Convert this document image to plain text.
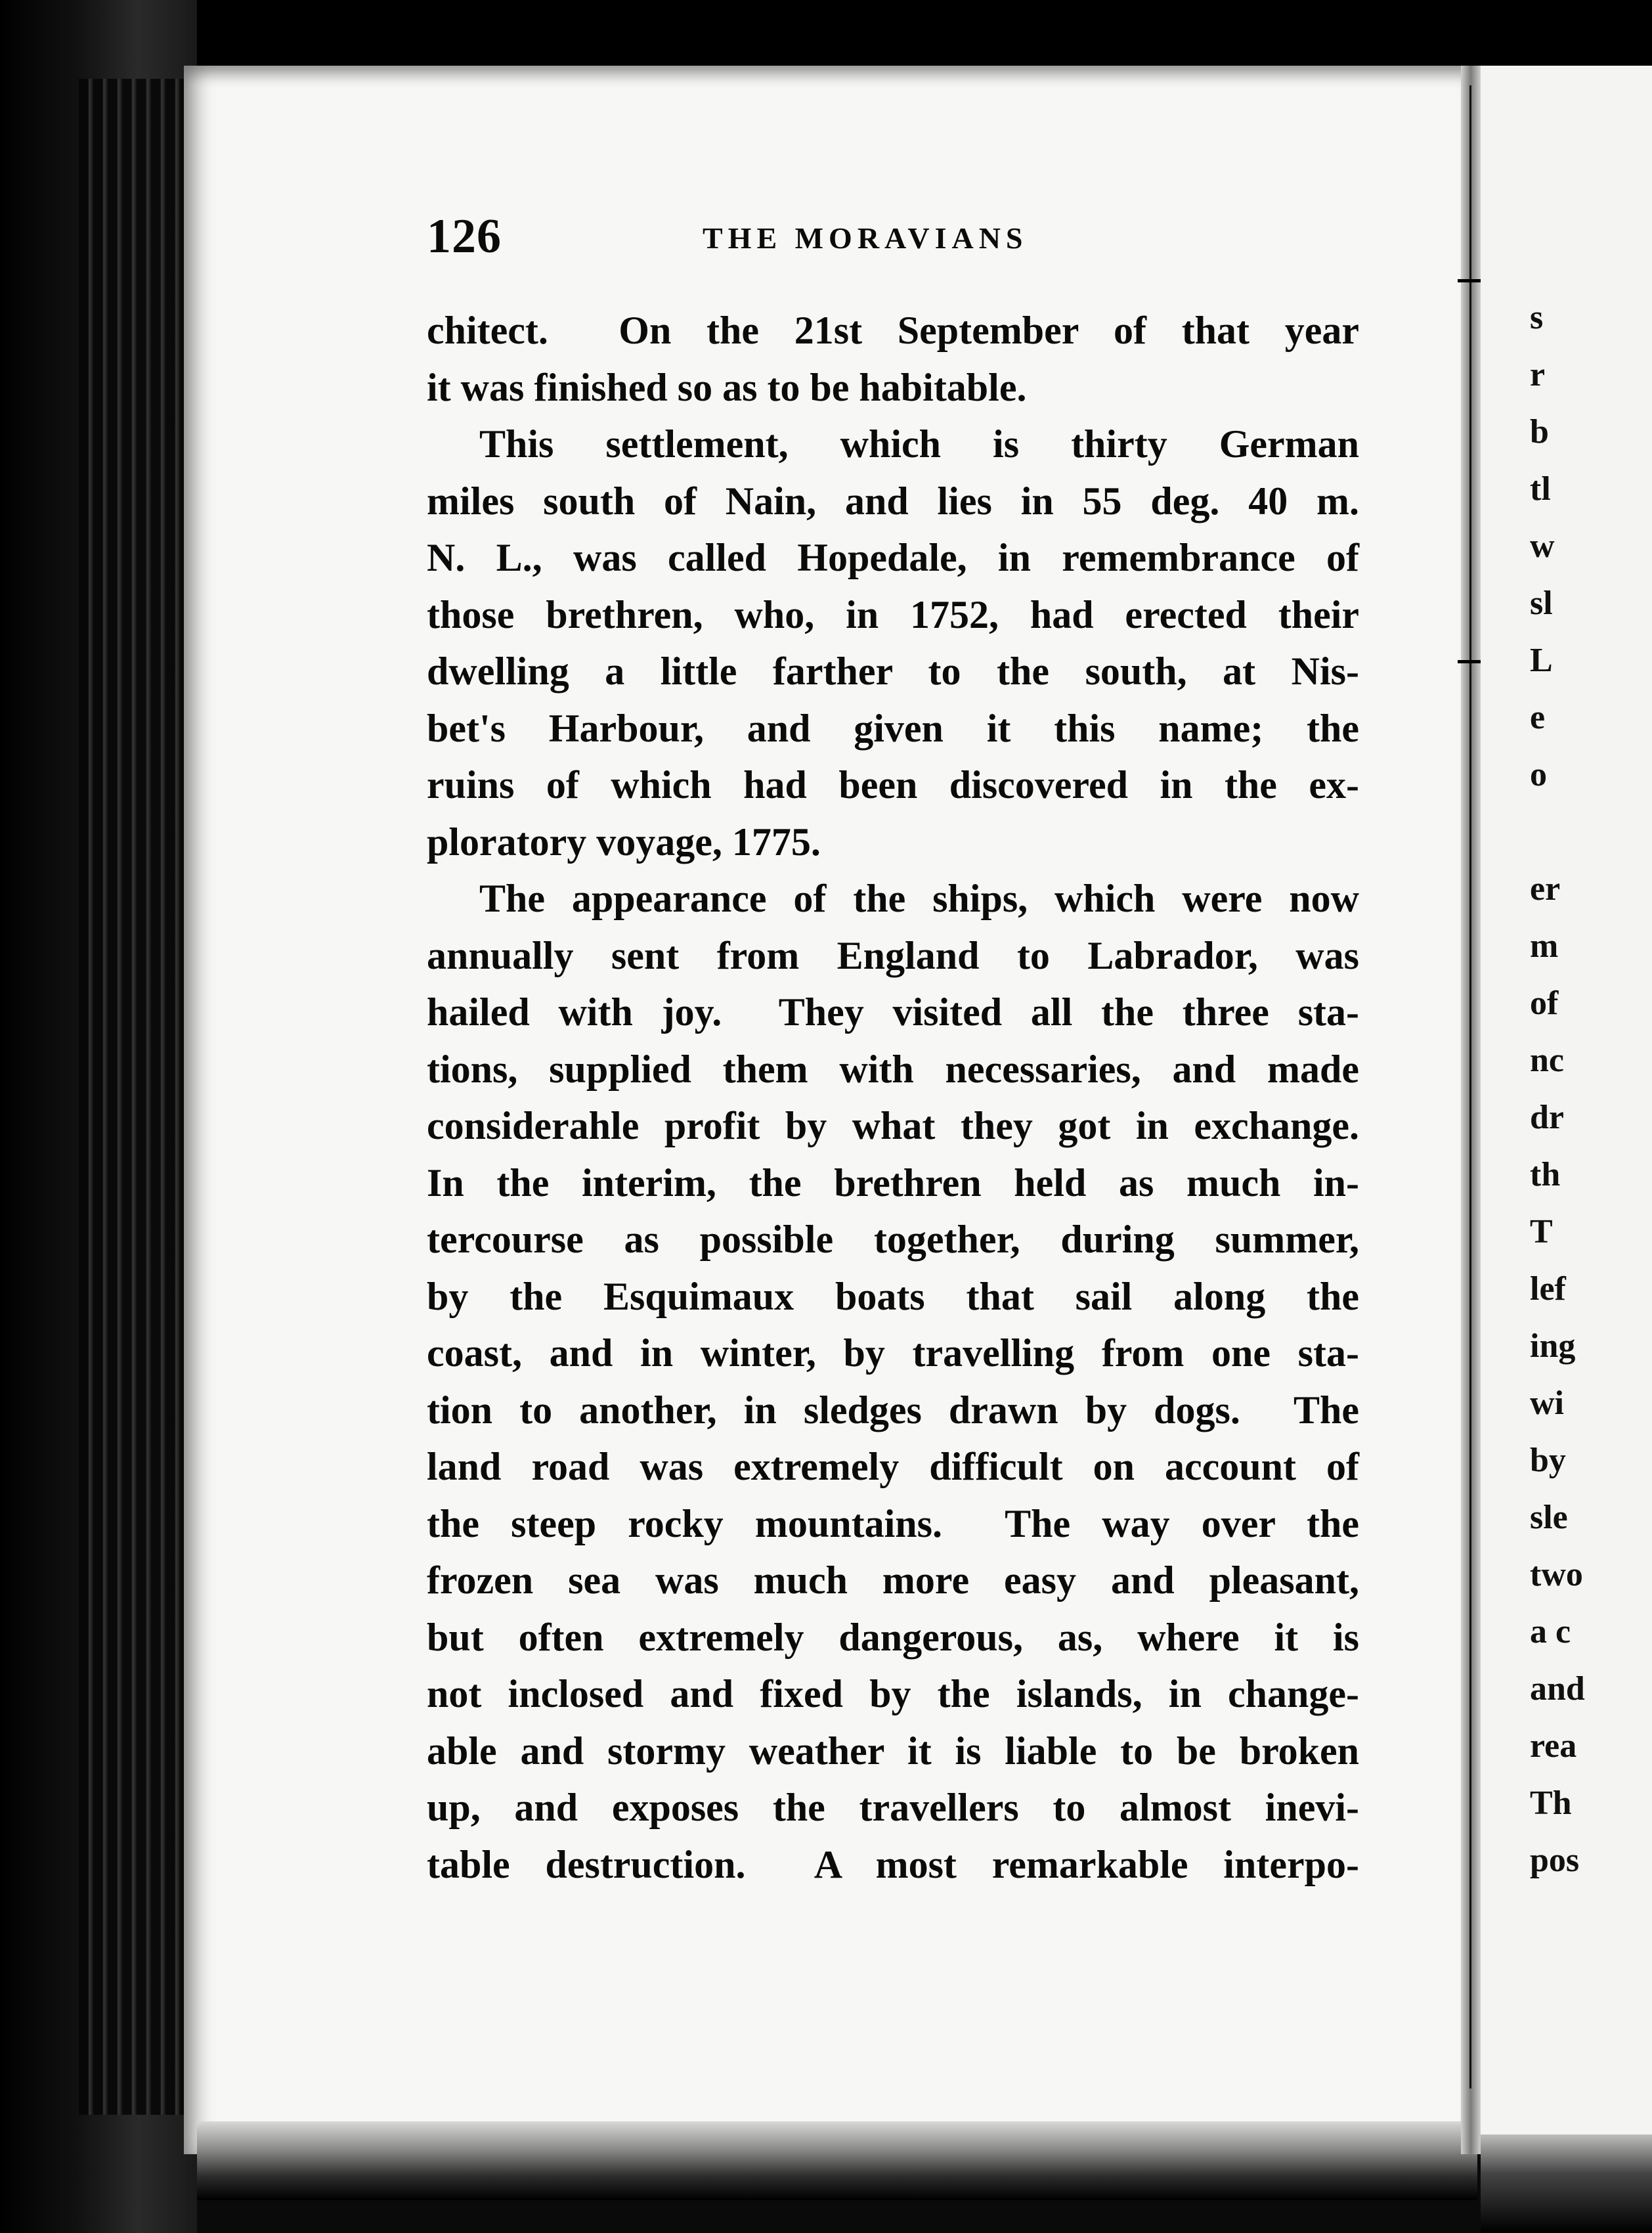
s
r
b
tl
w
sl
L
e
o
er
m
of
nc
dr
th
T
lef
ing
wi
by
sle
two
a c
and
rea
Th
pos
126	THE MORAVIANS
chitect.  On the 21st September of that year
it was finished so as to be habitable.
This settlement, which is thirty German
miles south of Nain, and lies in 55 deg. 40 m.
N. L., was called Hopedale, in remembrance of
those brethren, who, in 1752, had erected their
dwelling a little farther to the south, at Nis-
bet's Harbour, and given it this name; the
ruins of which had been discovered in the ex-
ploratory voyage, 1775.
The appearance of the ships, which were now
annually sent from England to Labrador, was
hailed with joy.  They visited all the three sta-
tions, supplied them with necessaries, and made
considerahle profit by what they got in exchange.
In the interim, the brethren held as much in-
tercourse as possible together, during summer,
by the Esquimaux boats that sail along the
coast, and in winter, by travelling from one sta-
tion to another, in sledges drawn by dogs.  The
land road was extremely difficult on account of
the steep rocky mountains.  The way over the
frozen sea was much more easy and pleasant,
but often extremely dangerous, as, where it is
not inclosed and fixed by the islands, in change-
able and stormy weather it is liable to be broken
up, and exposes the travellers to almost inevi-
table destruction.  A most remarkable interpo-
